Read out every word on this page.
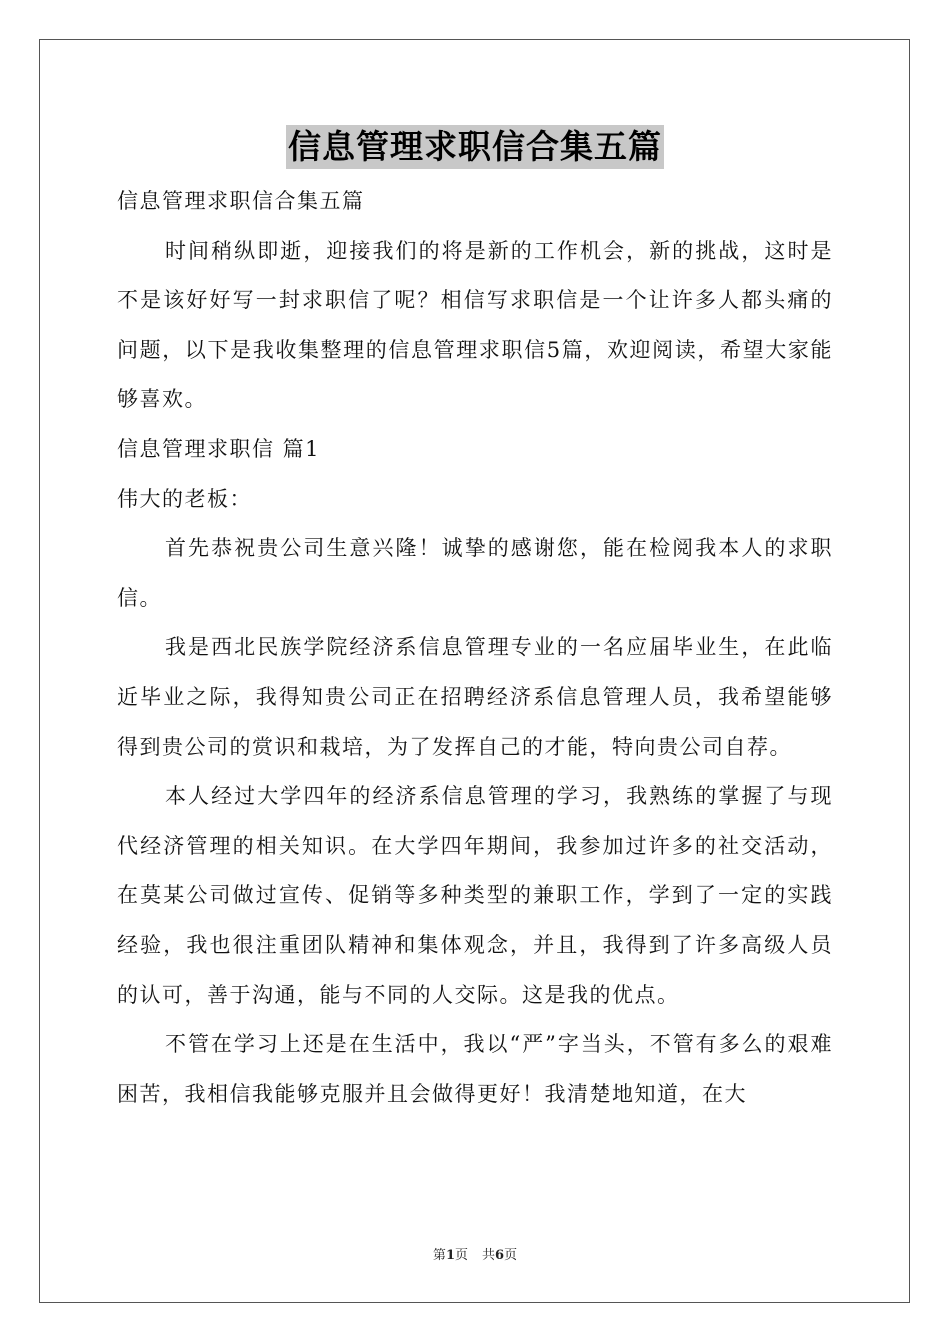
信息管理求职信合集五篇

信息管理求职信合集五篇

时间稍纵即逝，迎接我们的将是新的工作机会，新的挑战，这时是不是该好好写一封求职信了呢？相信写求职信是一个让许多人都头痛的问题，以下是我收集整理的信息管理求职信5篇，欢迎阅读，希望大家能够喜欢。

信息管理求职信 篇1

伟大的老板：

首先恭祝贵公司生意兴隆！诚挚的感谢您，能在检阅我本人的求职信。

我是西北民族学院经济系信息管理专业的一名应届毕业生，在此临近毕业之际，我得知贵公司正在招聘经济系信息管理人员，我希望能够得到贵公司的赏识和栽培，为了发挥自己的才能，特向贵公司自荐。

本人经过大学四年的经济系信息管理的学习，我熟练的掌握了与现代经济管理的相关知识。在大学四年期间，我参加过许多的社交活动，在莫某公司做过宣传、促销等多种类型的兼职工作，学到了一定的实践经验，我也很注重团队精神和集体观念，并且，我得到了许多高级人员的认可，善于沟通，能与不同的人交际。这是我的优点。

不管在学习上还是在生活中，我以“严”字当头，不管有多么的艰难困苦，我相信我能够克服并且会做得更好！我清楚地知道，在大

第1页 共6页
